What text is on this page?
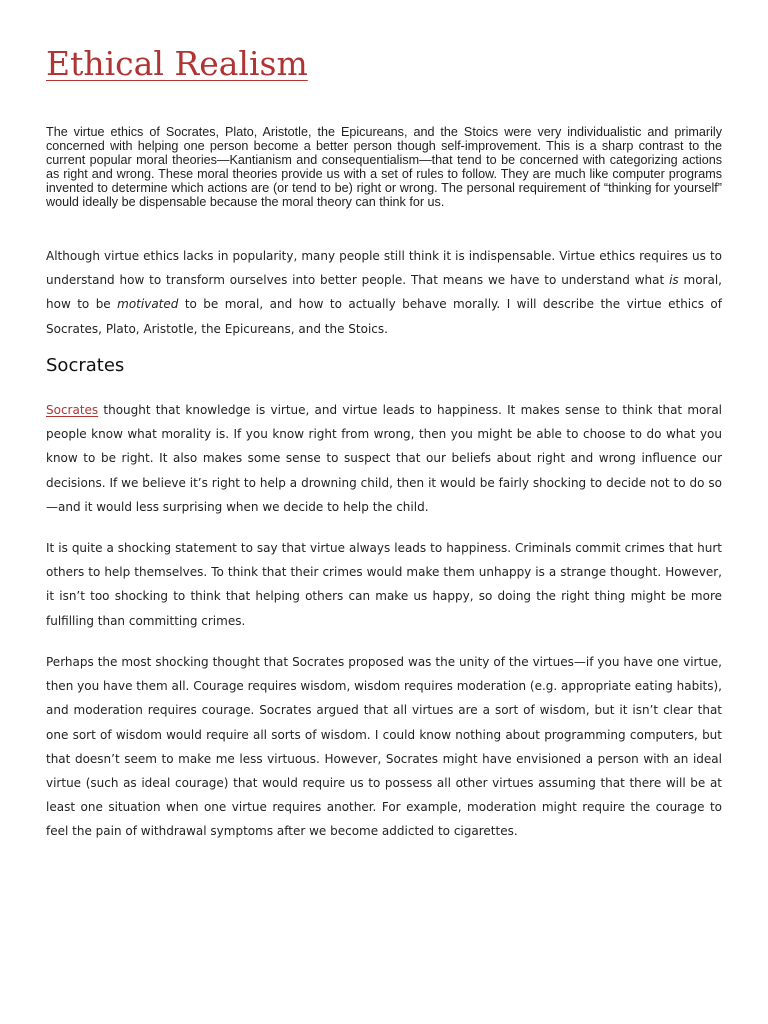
Ethical Realism

The virtue ethics of Socrates, Plato, Aristotle, the Epicureans, and the Stoics were very individualistic and primarily concerned with helping one person become a better person though self-improvement. This is a sharp contrast to the current popular moral theories—Kantianism and consequentialism—that tend to be concerned with categorizing actions as right and wrong. These moral theories provide us with a set of rules to follow. They are much like computer programs invented to determine which actions are (or tend to be) right or wrong. The personal requirement of “thinking for yourself” would ideally be dispensable because the moral theory can think for us.

Although virtue ethics lacks in popularity, many people still think it is indispensable. Virtue ethics requires us to understand how to transform ourselves into better people. That means we have to understand what is moral, how to be motivated to be moral, and how to actually behave morally. I will describe the virtue ethics of Socrates, Plato, Aristotle, the Epicureans, and the Stoics.

Socrates

Socrates thought that knowledge is virtue, and virtue leads to happiness. It makes sense to think that moral people know what morality is. If you know right from wrong, then you might be able to choose to do what you know to be right. It also makes some sense to suspect that our beliefs about right and wrong influence our decisions. If we believe it’s right to help a drowning child, then it would be fairly shocking to decide not to do so—and it would less surprising when we decide to help the child.

It is quite a shocking statement to say that virtue always leads to happiness. Criminals commit crimes that hurt others to help themselves. To think that their crimes would make them unhappy is a strange thought. However, it isn’t too shocking to think that helping others can make us happy, so doing the right thing might be more fulfilling than committing crimes.

Perhaps the most shocking thought that Socrates proposed was the unity of the virtues—if you have one virtue, then you have them all. Courage requires wisdom, wisdom requires moderation (e.g. appropriate eating habits), and moderation requires courage. Socrates argued that all virtues are a sort of wisdom, but it isn’t clear that one sort of wisdom would require all sorts of wisdom. I could know nothing about programming computers, but that doesn’t seem to make me less virtuous. However, Socrates might have envisioned a person with an ideal virtue (such as ideal courage) that would require us to possess all other virtues assuming that there will be at least one situation when one virtue requires another. For example, moderation might require the courage to feel the pain of withdrawal symptoms after we become addicted to cigarettes.
